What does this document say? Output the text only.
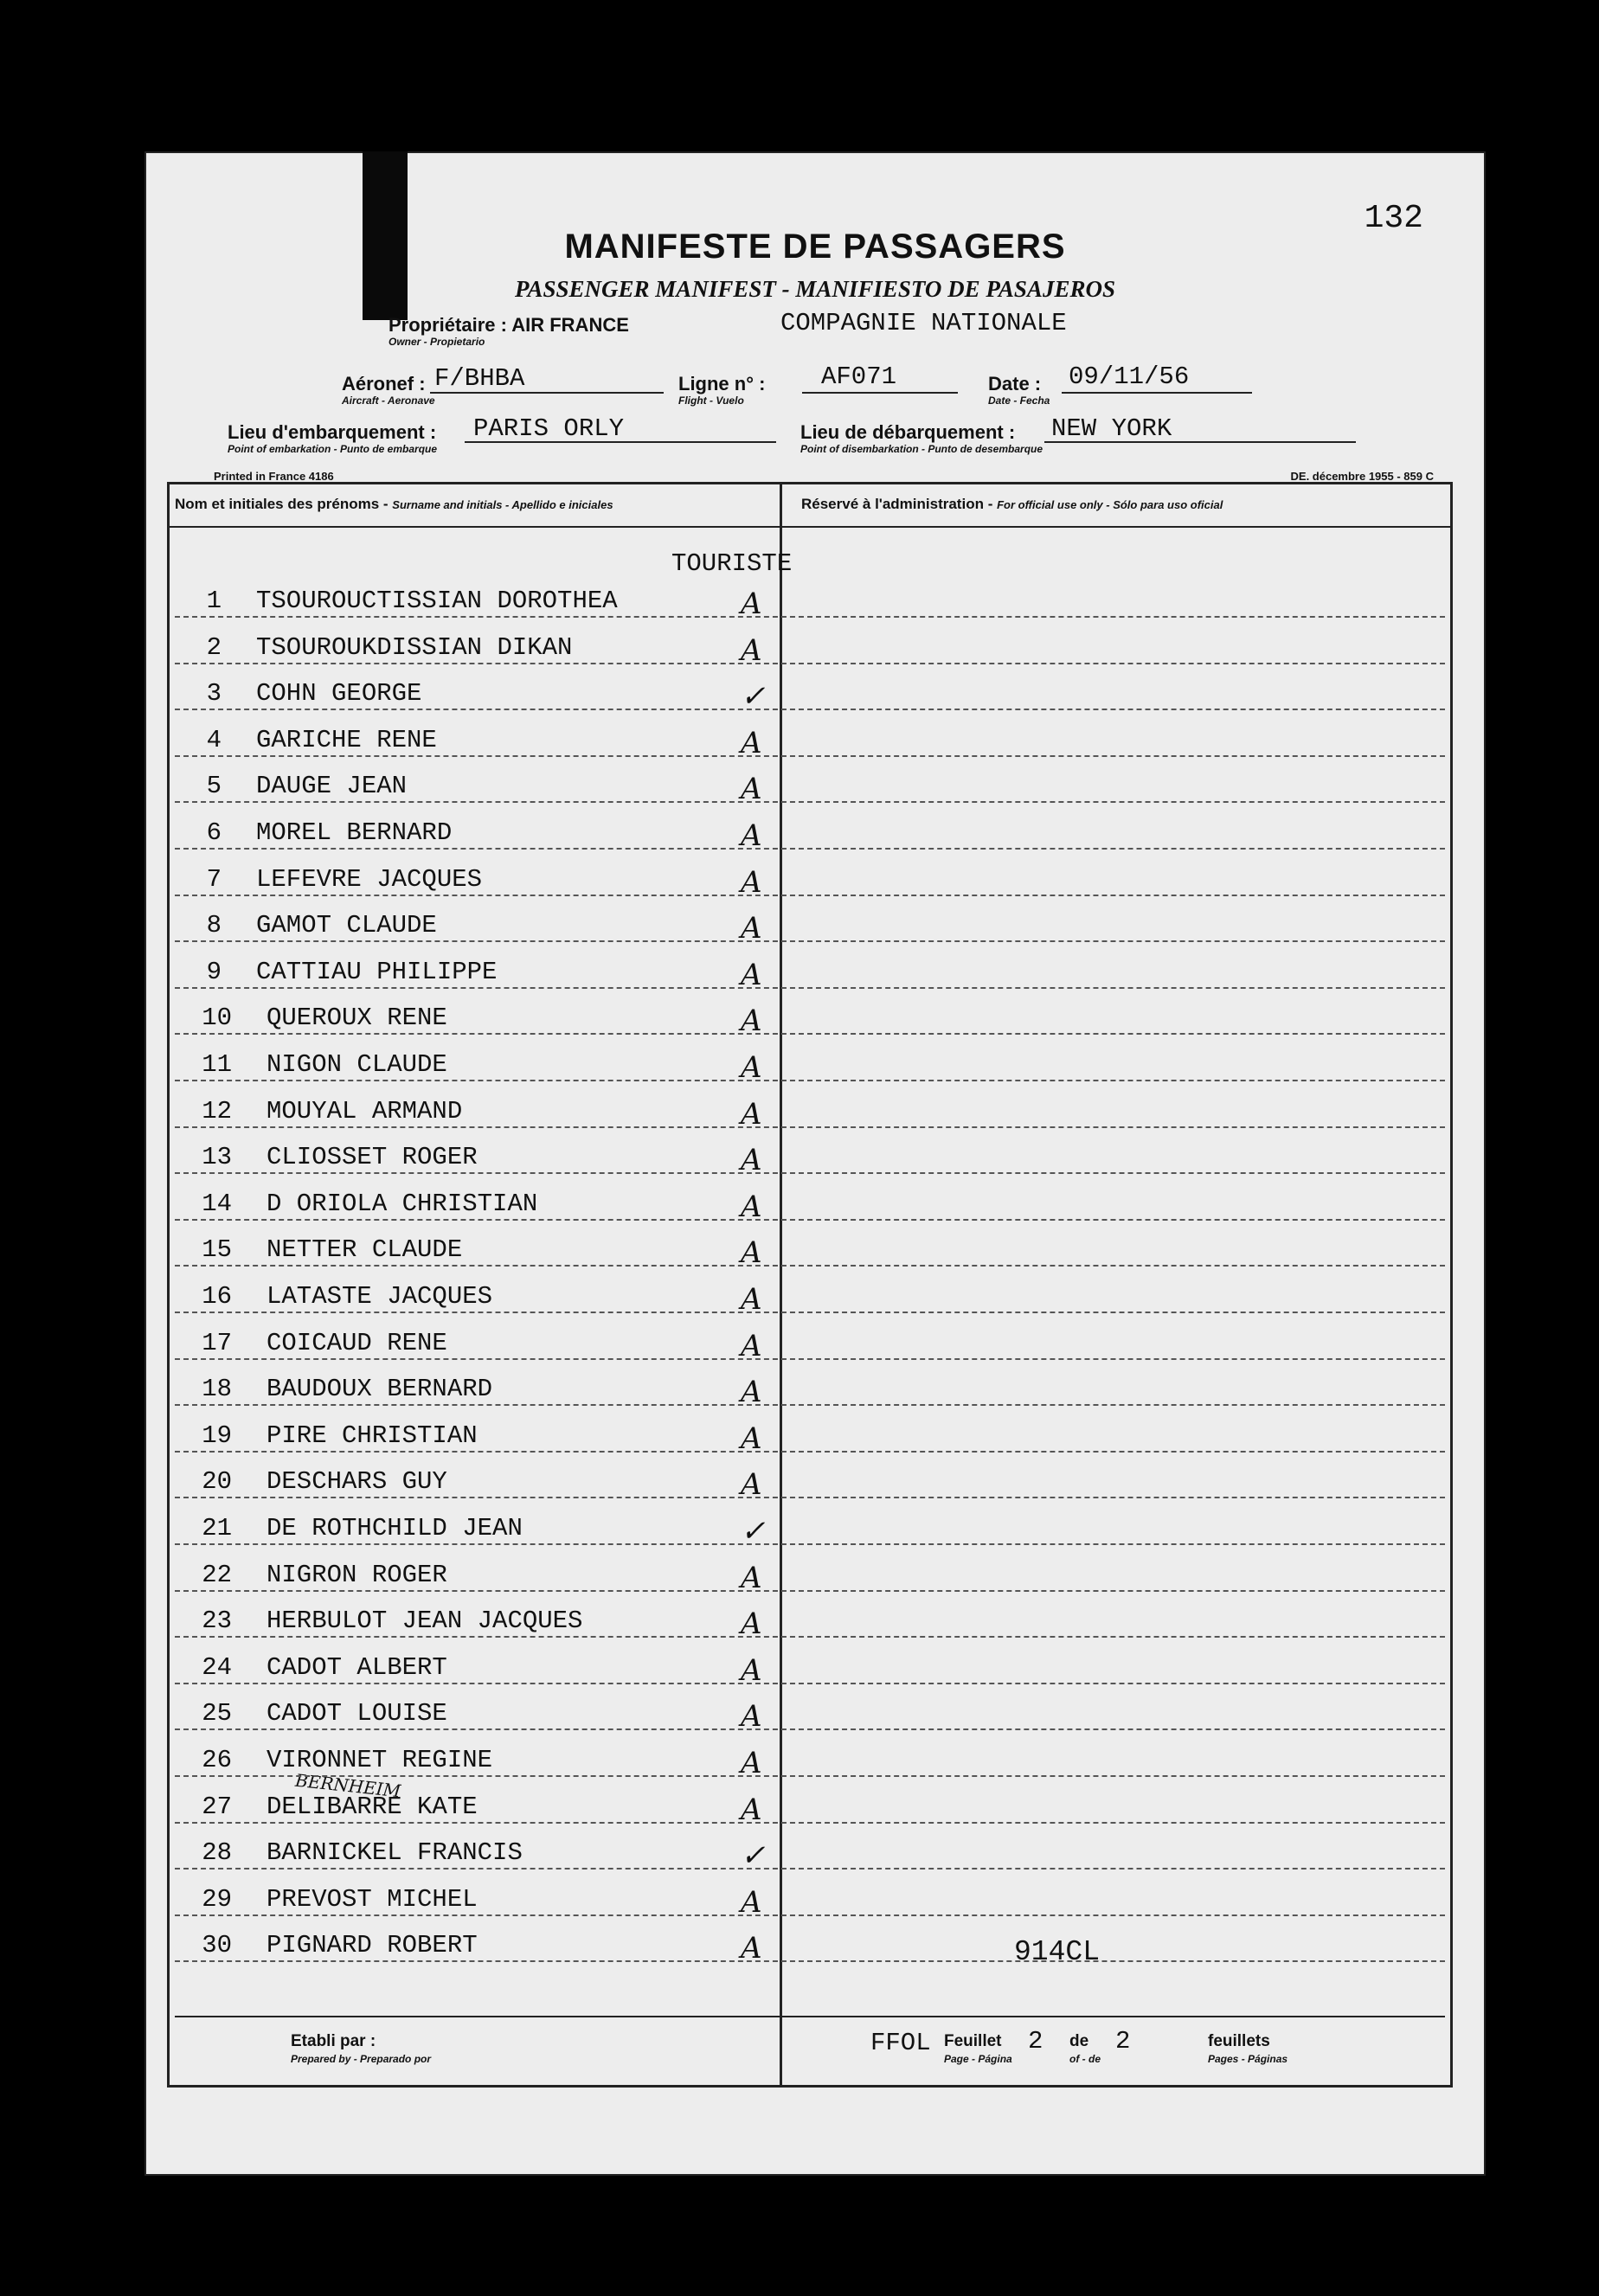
132
MANIFESTE DE PASSAGERS
PASSENGER MANIFEST - MANIFIESTO DE PASAJEROS
Propriétaire : AIR FRANCE
Owner - Propietario
COMPAGNIE NATIONALE
Aéronef :
Aircraft - Aeronave
F/BHBA	Ligne n° :
Flight - Vuelo
AF071	Date :
Date - Fecha
09/11/56
Lieu d'embarquement :
Point of embarkation - Punto de embarque
PARIS ORLY	Lieu de débarquement :
Point of disembarkation - Punto de desembarque
NEW YORK
Printed in France 4186	DE. décembre 1955 - 859 C
Nom et initiales des prénoms - Surname and initials - Apellido e iniciales	Réservé à l'administration - For official use only - Sólo para uso oficial
TOURISTE
BERNHEIM
1 TSOUROUCTISSIAN DOROTHEA	A
2 TSOUROUKDISSIAN DIKAN	A
3 COHN GEORGE	✓
4 GARICHE RENE	A
5 DAUGE JEAN	A
6 MOREL BERNARD	A
7 LEFEVRE JACQUES	A
8 GAMOT CLAUDE	A
9 CATTIAU PHILIPPE	A
10 QUEROUX RENE	A
11 NIGON CLAUDE	A
12 MOUYAL ARMAND	A
13 CLIOSSET ROGER	A
14 D ORIOLA CHRISTIAN	A
15 NETTER CLAUDE	A
16 LATASTE JACQUES	A
17 COICAUD RENE	A
18 BAUDOUX BERNARD	A
19 PIRE CHRISTIAN	A
20 DESCHARS GUY	A
21 DE ROTHCHILD JEAN	✓
22 NIGRON ROGER	A
23 HERBULOT JEAN JACQUES	A
24 CADOT ALBERT	A
25 CADOT LOUISE	A
26 VIRONNET REGINE	A
27 DELIBARRE KATE	A
28 BARNICKEL FRANCIS	✓
29 PREVOST MICHEL	A
30 PIGNARD ROBERT	A
Etabli par :
Prepared by - Preparado por
FFOL Feuillet
Page - Página
2 de
of - de
2	feuillets
Pages - Páginas
914CL
